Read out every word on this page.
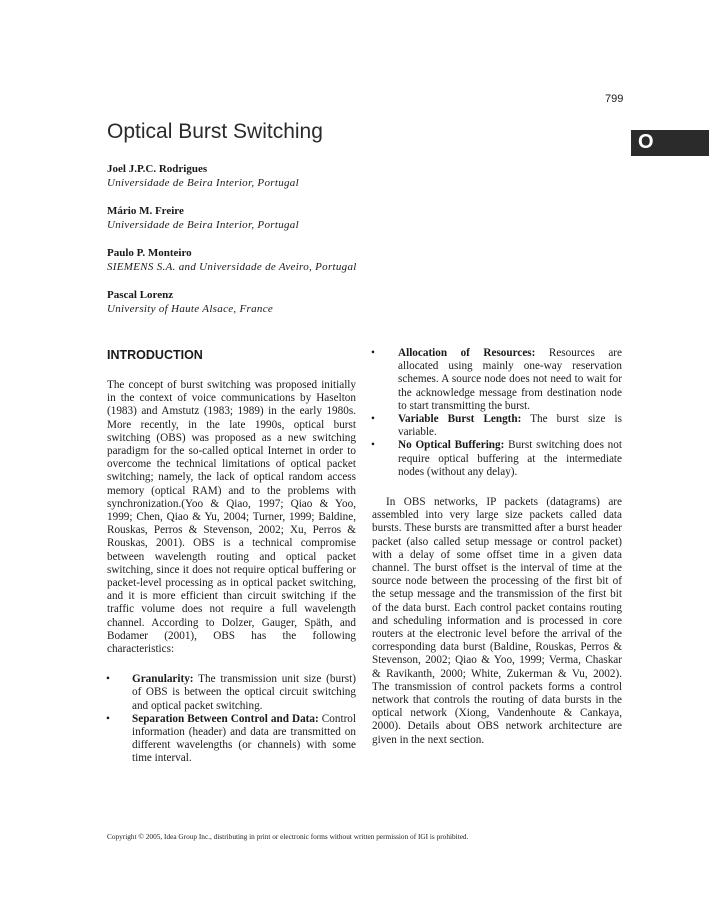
799
O
Optical Burst Switching
Joel J.P.C. Rodrigues
Universidade de Beira Interior, Portugal
Mário M. Freire
Universidade de Beira Interior, Portugal
Paulo P. Monteiro
SIEMENS S.A. and Universidade de Aveiro, Portugal
Pascal Lorenz
University of Haute Alsace, France
INTRODUCTION

The concept of burst switching was proposed initially in the context of voice communications by Haselton (1983) and Amstutz (1983; 1989) in the early 1980s. More recently, in the late 1990s, optical burst switching (OBS) was proposed as a new switching paradigm for the so-called optical Internet in order to overcome the technical limitations of optical packet switching; namely, the lack of optical random access memory (optical RAM) and to the problems with synchronization.(Yoo & Qiao, 1997; Qiao & Yoo, 1999; Chen, Qiao & Yu, 2004; Turner, 1999; Baldine, Rouskas, Perros & Stevenson, 2002; Xu, Perros & Rouskas, 2001). OBS is a technical compromise between wavelength routing and optical packet switching, since it does not require optical buffering or packet-level processing as in optical packet switching, and it is more efficient than circuit switching if the traffic volume does not require a full wavelength channel. According to Dolzer, Gauger, Späth, and Bodamer (2001), OBS has the following characteristics:

• Granularity: The transmission unit size (burst) of OBS is between the optical circuit switching and optical packet switching.
• Separation Between Control and Data: Control information (header) and data are transmitted on different wavelengths (or channels) with some time interval.
• Allocation of Resources: Resources are allocated using mainly one-way reservation schemes. A source node does not need to wait for the acknowledge message from destination node to start transmitting the burst.
• Variable Burst Length: The burst size is variable.
• No Optical Buffering: Burst switching does not require optical buffering at the intermediate nodes (without any delay).

In OBS networks, IP packets (datagrams) are assembled into very large size packets called data bursts. These bursts are transmitted after a burst header packet (also called setup message or control packet) with a delay of some offset time in a given data channel. The burst offset is the interval of time at the source node between the processing of the first bit of the setup message and the transmission of the first bit of the data burst. Each control packet contains routing and scheduling information and is processed in core routers at the electronic level before the arrival of the corresponding data burst (Baldine, Rouskas, Perros & Stevenson, 2002; Qiao & Yoo, 1999; Verma, Chaskar & Ravikanth, 2000; White, Zukerman & Vu, 2002). The transmission of control packets forms a control network that controls the routing of data bursts in the optical network (Xiong, Vandenhoute & Cankaya, 2000). Details about OBS network architecture are given in the next section.

Copyright © 2005, Idea Group Inc., distributing in print or electronic forms without written permission of IGI is prohibited.
